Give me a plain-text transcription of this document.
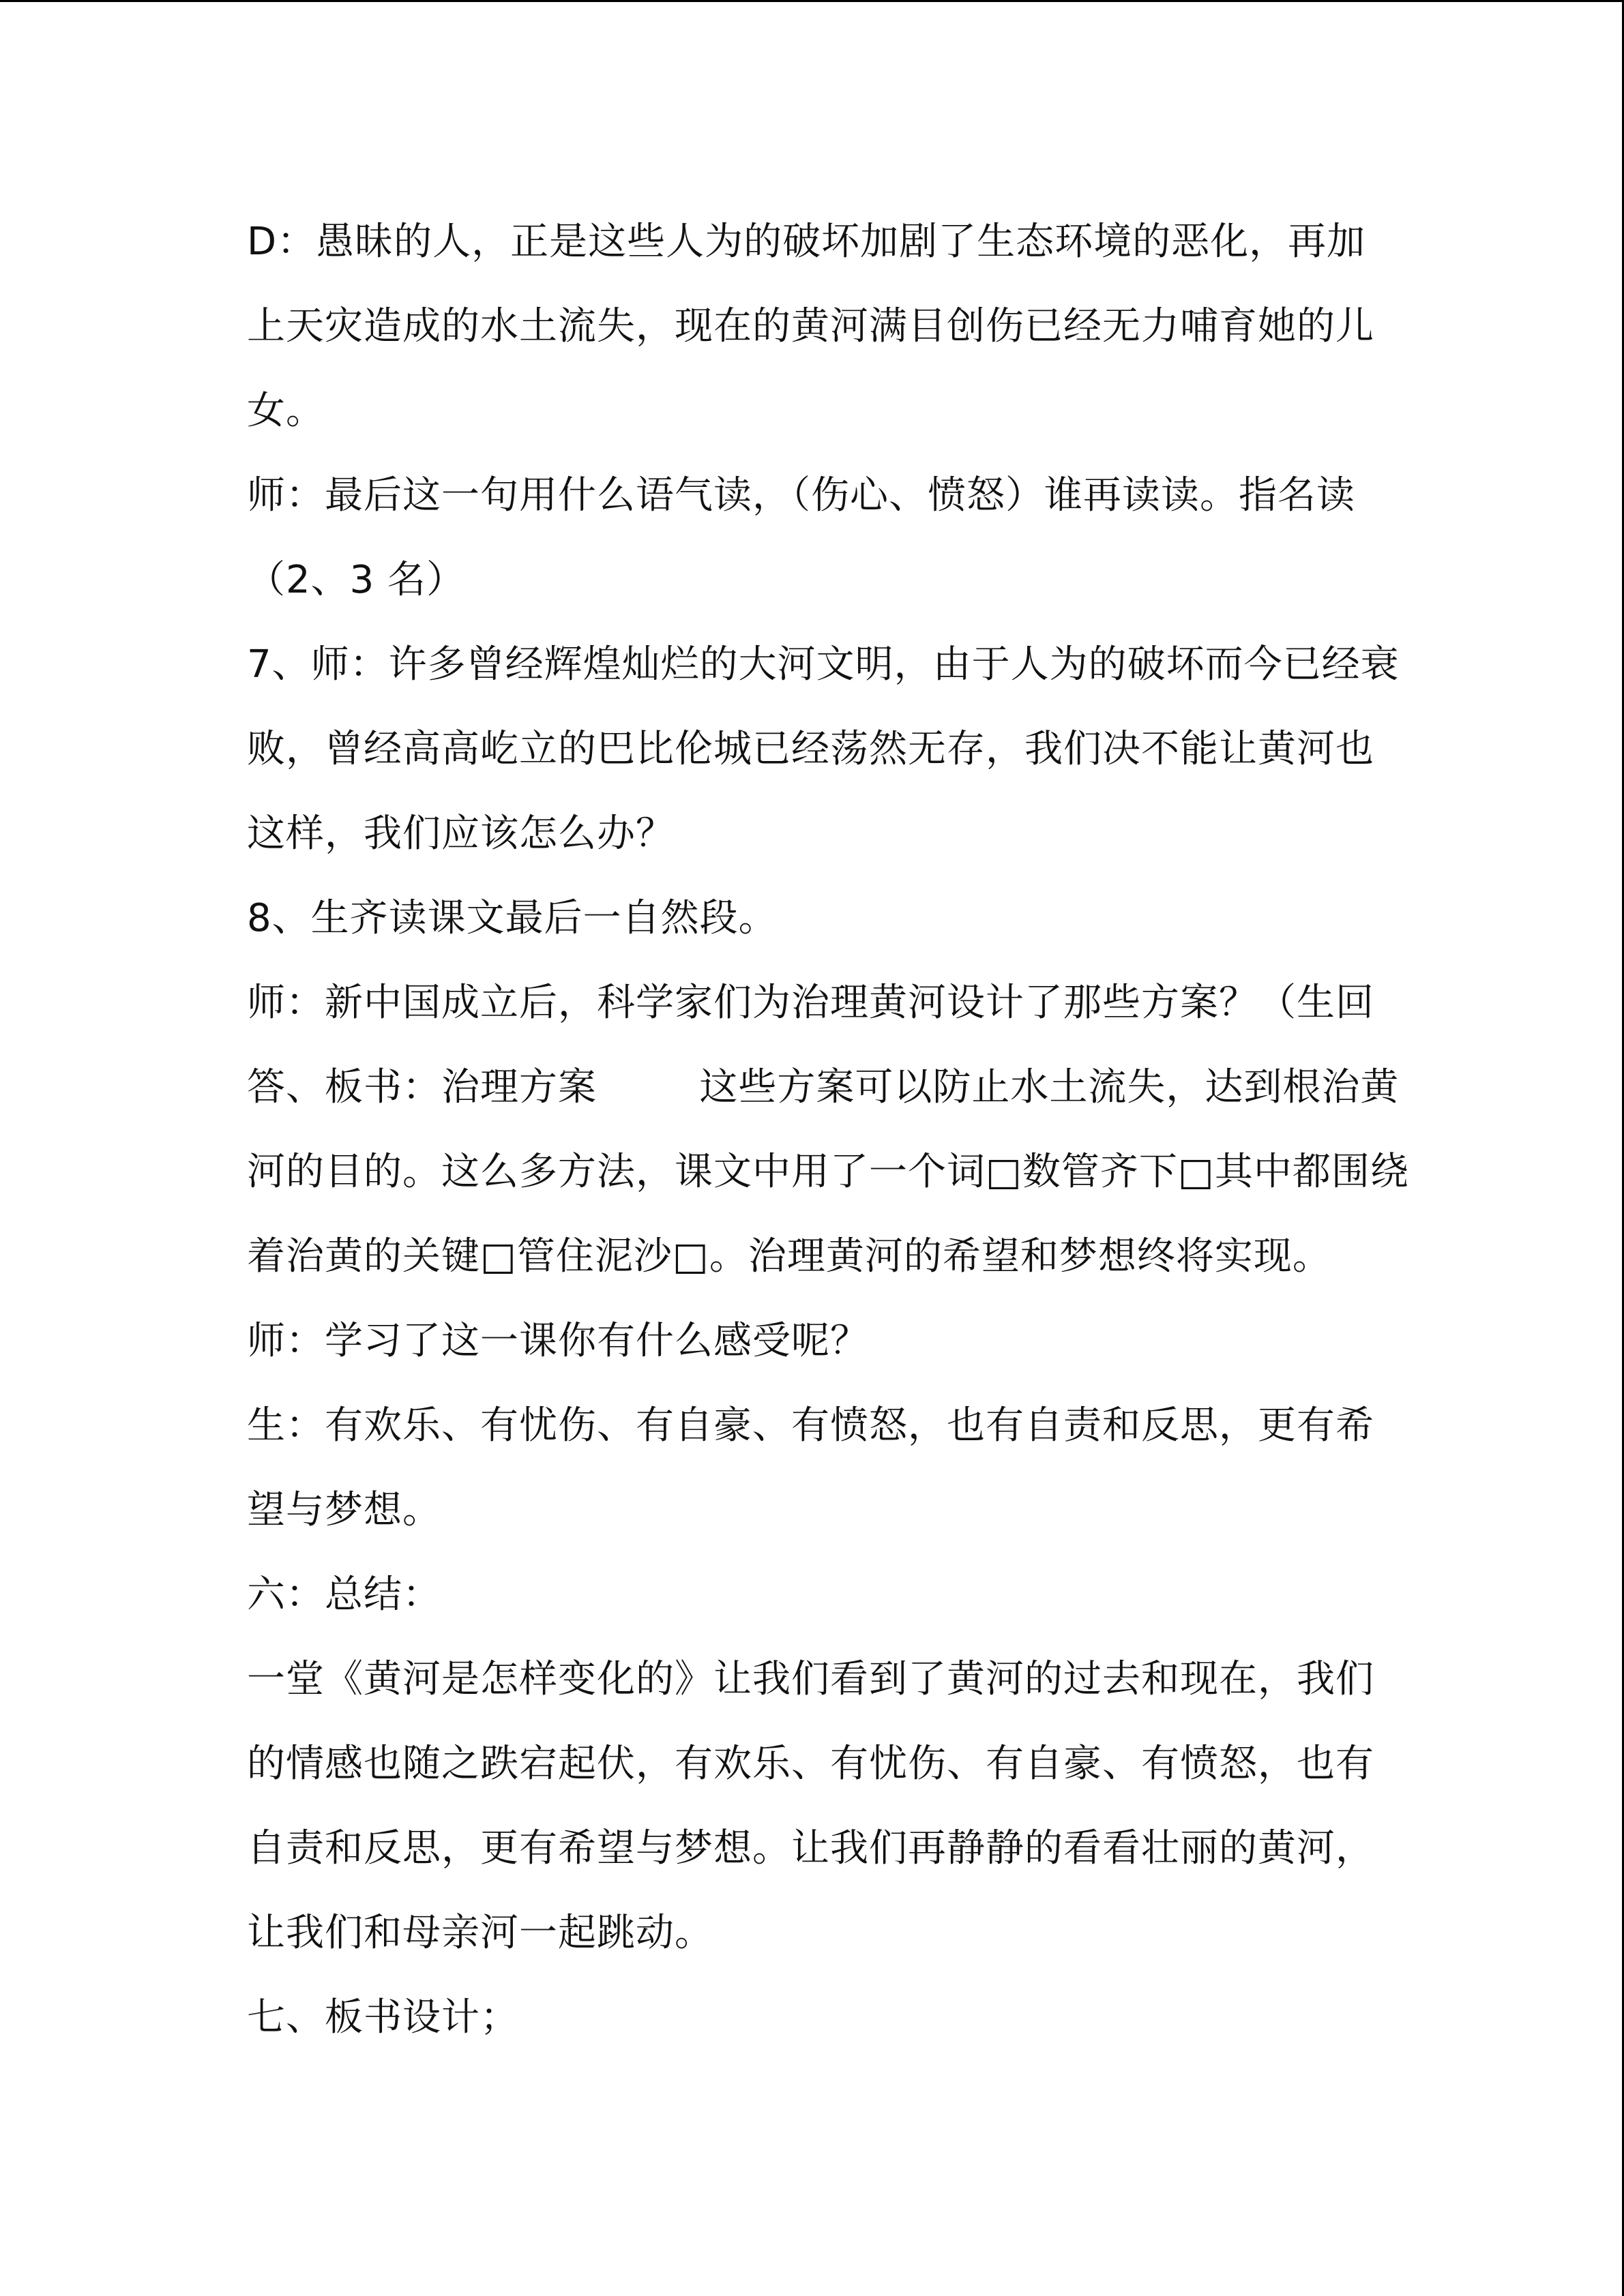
D：愚昧的人，正是这些人为的破坏加剧了生态环境的恶化，再加
上天灾造成的水土流失，现在的黄河满目创伤已经无力哺育她的儿
女。
师：最后这一句用什么语气读，（伤心、愤怒）谁再读读。指名读
（2、3 名）
7、师：许多曾经辉煌灿烂的大河文明，由于人为的破坏而今已经衰
败，曾经高高屹立的巴比伦城已经荡然无存，我们决不能让黄河也
这样，我们应该怎么办？
8、生齐读课文最后一自然段。
师：新中国成立后，科学家们为治理黄河设计了那些方案？（生回
答、板书：治理方案        这些方案可以防止水土流失，达到根治黄
河的目的。这么多方法，课文中用了一个词□数管齐下□其中都围绕
着治黄的关键□管住泥沙□。治理黄河的希望和梦想终将实现。
师：学习了这一课你有什么感受呢？
生：有欢乐、有忧伤、有自豪、有愤怒，也有自责和反思，更有希
望与梦想。
六：总结：
一堂《黄河是怎样变化的》让我们看到了黄河的过去和现在，我们
的情感也随之跌宕起伏，有欢乐、有忧伤、有自豪、有愤怒，也有
自责和反思，更有希望与梦想。让我们再静静的看看壮丽的黄河，
让我们和母亲河一起跳动。
七、板书设计；
